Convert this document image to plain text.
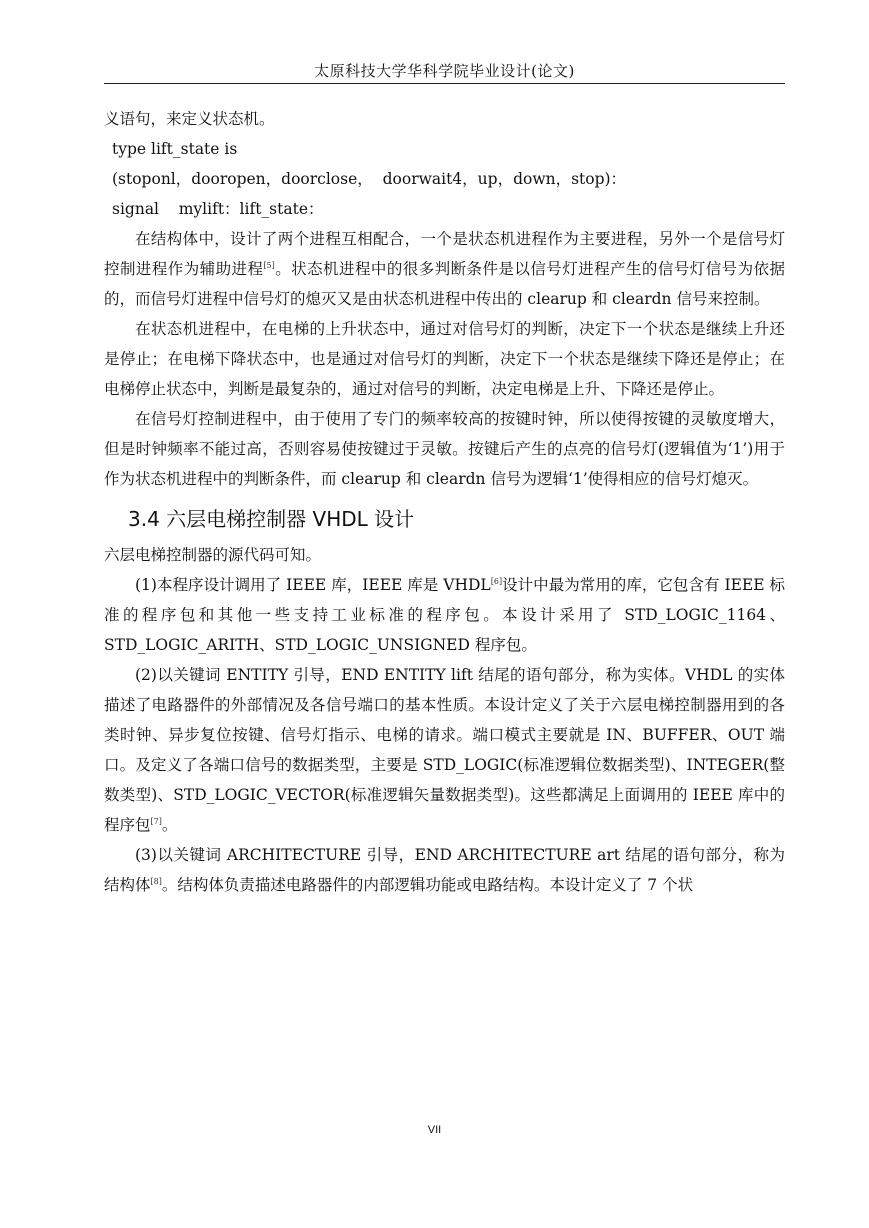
太原科技大学华科学院毕业设计(论文)

义语句，来定义状态机。

type lift_state is

(stoponl，dooropen，doorclose，  doorwait4，up，down，stop)：

signal    mylift：lift_state：

在结构体中，设计了两个进程互相配合，一个是状态机进程作为主要进程，另外一个是信号灯控制进程作为辅助进程[5]。状态机进程中的很多判断条件是以信号灯进程产生的信号灯信号为依据的，而信号灯进程中信号灯的熄灭又是由状态机进程中传出的 clearup 和 cleardn 信号来控制。

在状态机进程中，在电梯的上升状态中，通过对信号灯的判断，决定下一个状态是继续上升还是停止；在电梯下降状态中，也是通过对信号灯的判断，决定下一个状态是继续下降还是停止；在电梯停止状态中，判断是最复杂的，通过对信号的判断，决定电梯是上升、下降还是停止。

在信号灯控制进程中，由于使用了专门的频率较高的按键时钟，所以使得按键的灵敏度增大，但是时钟频率不能过高，否则容易使按键过于灵敏。按键后产生的点亮的信号灯(逻辑值为‘1’)用于作为状态机进程中的判断条件，而 clearup 和 cleardn 信号为逻辑‘1’使得相应的信号灯熄灭。

3.4 六层电梯控制器 VHDL 设计

六层电梯控制器的源代码可知。

(1)本程序设计调用了 IEEE 库，IEEE 库是 VHDL[6]设计中最为常用的库，它包含有 IEEE 标准的程序包和其他一些支持工业标准的程序包。本设计采用了 STD_LOGIC_1164、STD_LOGIC_ARITH、STD_LOGIC_UNSIGNED 程序包。

(2)以关键词 ENTITY 引导，END ENTITY lift 结尾的语句部分，称为实体。VHDL 的实体描述了电路器件的外部情况及各信号端口的基本性质。本设计定义了关于六层电梯控制器用到的各类时钟、异步复位按键、信号灯指示、电梯的请求。端口模式主要就是 IN、BUFFER、OUT 端口。及定义了各端口信号的数据类型，主要是 STD_LOGIC(标准逻辑位数据类型)、INTEGER(整数类型)、STD_LOGIC_VECTOR(标准逻辑矢量数据类型)。这些都满足上面调用的 IEEE 库中的程序包[7]。

(3)以关键词 ARCHITECTURE 引导，END ARCHITECTURE art 结尾的语句部分，称为结构体[8]。结构体负责描述电路器件的内部逻辑功能或电路结构。本设计定义了 7 个状

VII
